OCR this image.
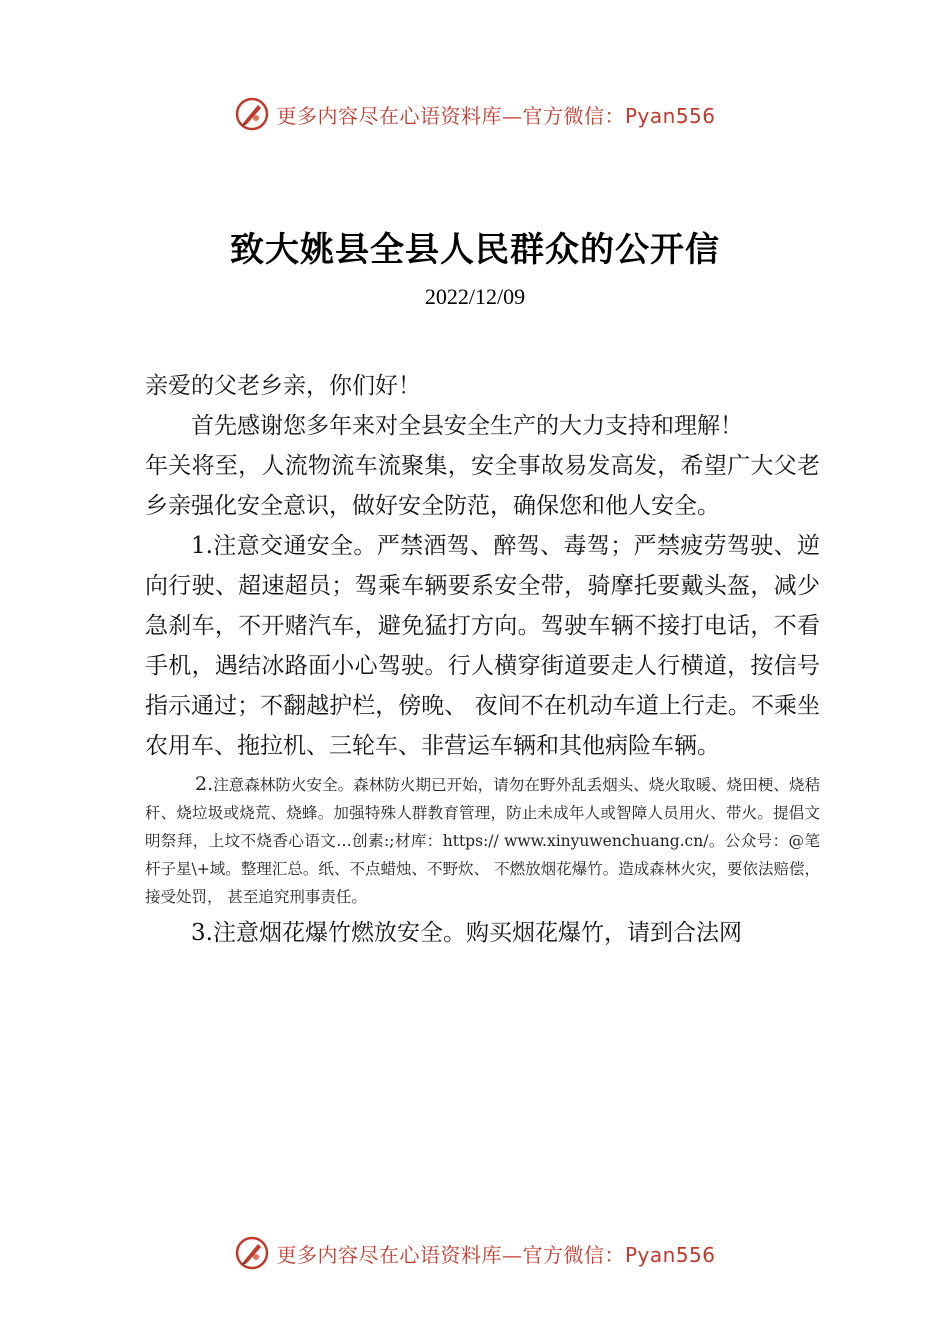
更多内容尽在心语资料库—官方微信：Pyan556
致大姚县全县人民群众的公开信
2022/12/09

亲爱的父老乡亲，你们好！

首先感谢您多年来对全县安全生产的大力支持和理解！

年关将至，人流物流车流聚集，安全事故易发高发，希望广大父老乡亲强化安全意识，做好安全防范，确保您和他人安全。

1.注意交通安全。严禁酒驾、醉驾、毒驾；严禁疲劳驾驶、逆向行驶、超速超员；驾乘车辆要系安全带，骑摩托要戴头盔，减少急刹车，不开赌汽车，避免猛打方向。驾驶车辆不接打电话，不看手机，遇结冰路面小心驾驶。行人横穿街道要走人行横道，按信号指示通过；不翻越护栏，傍晚、 夜间不在机动车道上行走。不乘坐农用车、拖拉机、三轮车、非营运车辆和其他病险车辆。

2.注意森林防火安全。森林防火期已开始，请勿在野外乱丢烟头、烧火取暖、烧田梗、烧秸秆、烧垃圾或烧荒、烧蜂。加强特殊人群教育管理，防止未成年人或智障人员用火、带火。提倡文明祭拜，上坟不烧香心语文…创素:;材库：https:// www.xinyuwenchuang.cn/。公众号：@笔杆子星\+域。整理汇总。纸、不点蜡烛、不野炊、 不燃放烟花爆竹。造成森林火灾，要依法赔偿，接受处罚， 甚至追究刑事责任。

3.注意烟花爆竹燃放安全。购买烟花爆竹，请到合法网

更多内容尽在心语资料库—官方微信：Pyan556
